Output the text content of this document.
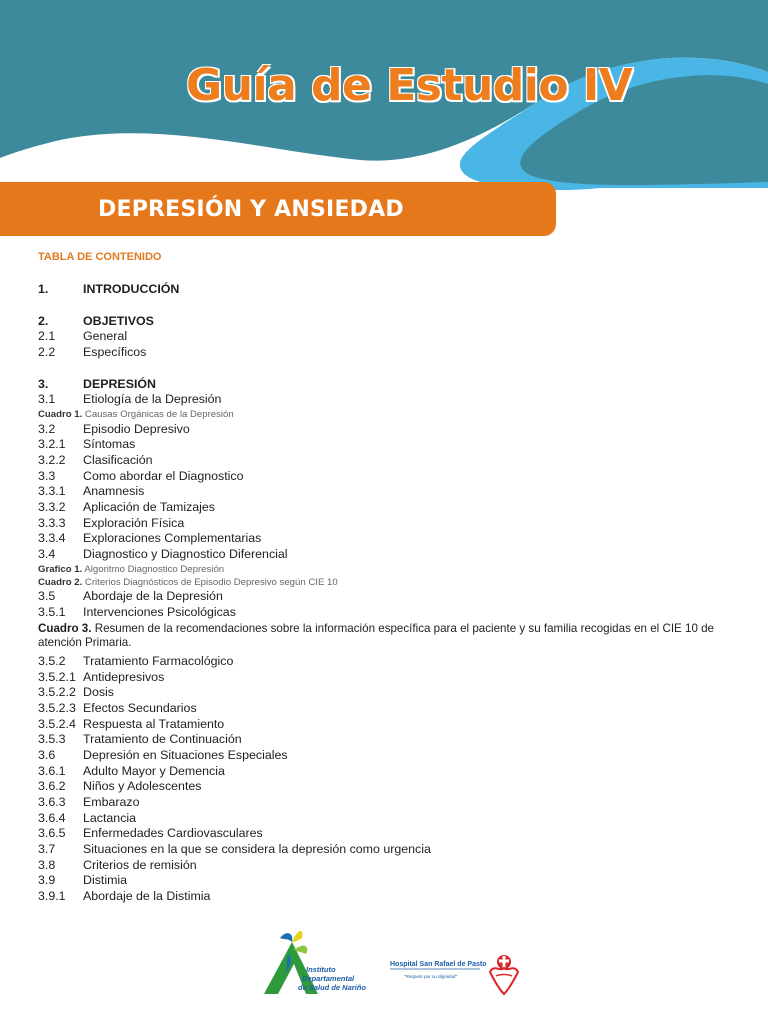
Guía de Estudio IV
DEPRESIÓN Y ANSIEDAD
TABLA DE CONTENIDO
1.	INTRODUCCIÓN
2.	OBJETIVOS
2.1 General
2.2 Específicos
3.	DEPRESIÓN
3.1 Etiología de la Depresión
Cuadro 1. Causas Orgánicas de la Depresión
3.2 Episodio Depresivo
3.2.1 Síntomas
3.2.2 Clasificación
3.3 Como abordar el Diagnostico
3.3.1 Anamnesis
3.3.2 Aplicación de Tamizajes
3.3.3 Exploración Física
3.3.4 Exploraciones Complementarias
3.4 Diagnostico y Diagnostico Diferencial
Grafico 1. Algoritmo Diagnostico Depresión
Cuadro 2. Criterios Diagnósticos de Episodio Depresivo según CIE 10
3.5 Abordaje de la Depresión
3.5.1 Intervenciones Psicológicas
Cuadro 3. Resumen de la recomendaciones sobre la información específica para el paciente y su familia recogidas en el CIE 10 de atención Primaria.
3.5.2 Tratamiento Farmacológico
3.5.2.1 Antidepresivos
3.5.2.2 Dosis
3.5.2.3 Efectos Secundarios
3.5.2.4 Respuesta al Tratamiento
3.5.3 Tratamiento de Continuación
3.6 Depresión en Situaciones Especiales
3.6.1 Adulto Mayor y Demencia
3.6.2 Niños y Adolescentes
3.6.3 Embarazo
3.6.4 Lactancia
3.6.5 Enfermedades Cardiovasculares
3.7 Situaciones en la que se considera la depresión como urgencia
3.8 Criterios de remisión
3.9 Distimia
3.9.1 Abordaje de la Distimia
Instituto
Departamental
de Salud de Nariño
Hospital San Rafael de Pasto
"Respeto por su dignidad"
